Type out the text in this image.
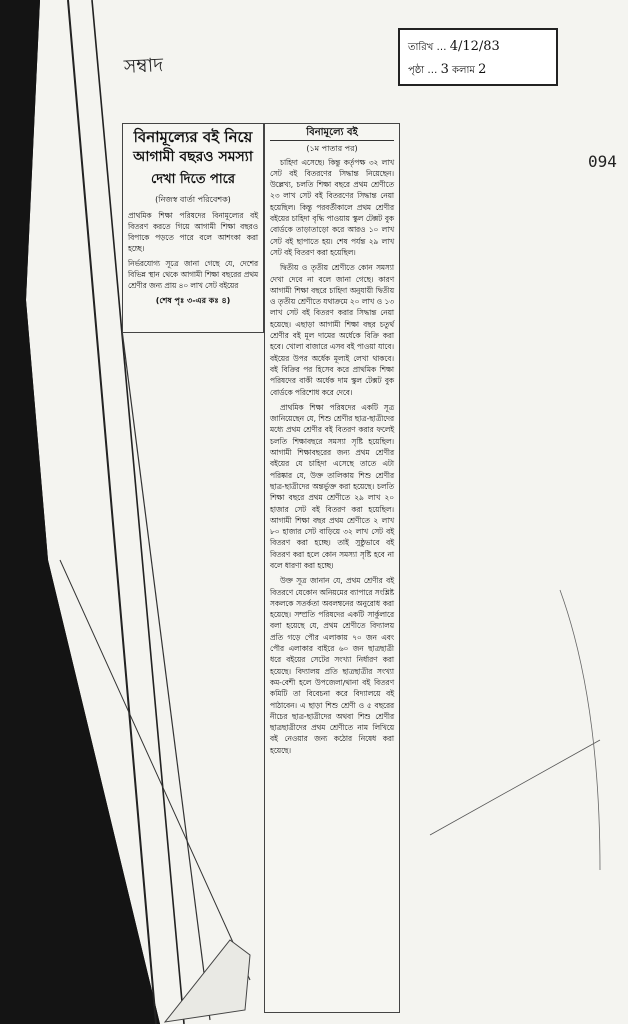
সম্বাদ
094
তারিখ … 4/12/83
পৃষ্ঠা … 3 কলাম 2
বিনামূল্যের বই নিয়ে
আগামী বছরও সমস্যা
দেখা দিতে পারে
(নিজস্ব বার্তা পরিবেশক)
প্রাথমিক শিক্ষা পরিষদের বিনামূল্যের বই বিতরণ করতে গিয়ে আগামী শিক্ষা বছরও বিপাকে পড়তে পারে বলে আশংকা করা হচ্ছে।
নির্ভরযোগ্য সূত্রে জানা গেছে যে, দেশের বিভিন্ন স্থান থেকে আগামী শিক্ষা বছরের প্রথম শ্রেণীর জন্য প্রায় ৪০ লাখ সেট বইয়ের
(শেষ পৃঃ ৩-এর কঃ ৪)
বিনামূল্যে বই
(১ম পাতার পর)
চাহিদা এসেছে। কিন্তু কর্তৃপক্ষ ৩২ লাখ সেট বই বিতরণের সিদ্ধান্ত নিয়েছেন। উল্লেখ্য, চলতি শিক্ষা বছরে প্রথম শ্রেণীতে ২৩ লাখ সেট বই বিতরণের সিদ্ধান্ত নেয়া হয়েছিল। কিন্তু পরবর্তীকালে প্রথম শ্রেণীর বইয়ের চাহিদা বৃদ্ধি পাওয়ায় স্কুল টেক্সট বুক বোর্ডকে তাড়াতাড়ো করে আরও ১০ লাখ সেট বই ছাপাতে হয়। শেষ পর্যন্ত ২৯ লাখ সেট বই বিতরণ করা হয়েছিল।
দ্বিতীয় ও তৃতীয় শ্রেণীতে কোন সমস্যা দেখা দেবে না বলে জানা গেছে। কারণ আগামী শিক্ষা বছরে চাহিদা অনুযায়ী দ্বিতীয় ও তৃতীয় শ্রেণীতে যথাক্রমে ২০ লাখ ও ১৩ লাখ সেট বই বিতরণ করার সিদ্ধান্ত নেয়া হয়েছে। এছাড়া আগামী শিক্ষা বছর চতুর্থ শ্রেণীর বই মূল দামের অর্ধেকে বিক্রি করা হবে। খোলা বাজারে এসব বই পাওয়া যাবে। বইয়ের উপর অর্ধেক মূল্যই লেখা থাকবে। বই বিক্রির পর হিসেব করে প্রাথমিক শিক্ষা পরিষদের বাকী অর্ধেক দাম স্কুল টেক্সট বুক বোর্ডকে পরিশোধ করে দেবে।
প্রাথমিক শিক্ষা পরিষদের একটি সূত্র জানিয়েছেন যে, শিশু শ্রেণীর ছাত্র-ছাত্রীদের মধ্যে প্রথম শ্রেণীর বই বিতরণ করার ফলেই চলতি শিক্ষাবছরে সমস্যা সৃষ্টি হয়েছিল। আগামী শিক্ষাবছরের জন্য প্রথম শ্রেণীর বইয়ের যে চাহিদা এসেছে তাতে এটা পরিষ্কার যে, উক্ত তালিকায় শিশু শ্রেণীর ছাত্র-ছাত্রীদের অন্তর্ভুক্ত করা হয়েছে। চলতি শিক্ষা বছরে প্রথম শ্রেণীতে ২৯ লাখ ২০ হাজার সেট বই বিতরণ করা হয়েছিল। আগামী শিক্ষা বছর প্রথম শ্রেণীতে ২ লাখ ৮০ হাজার সেট বাড়িয়ে ৩২ লাখ সেট বই বিতরণ করা হচ্ছে। তাই সুষ্ঠুভাবে বই বিতরণ করা হলে কোন সমস্যা সৃষ্টি হবে না বলে ধারণা করা হচ্ছে।
উক্ত সূত্র জানান যে, প্রথম শ্রেণীর বই বিতরণে যেকোন অনিয়মের ব্যাপারে সংশ্লিষ্ট সকলকে সতর্কতা অবলম্বনের অনুরোধ করা হয়েছে। সম্প্রতি পরিষদের একটি সার্কুলারে বলা হয়েছে যে, প্রথম শ্রেণীতে বিদ্যালয় প্রতি গড়ে পৌর এলাকায় ৭০ জন এবং পৌর এলাকার বাইরে ৬০ জন ছাত্রছাত্রী ধরে বইয়ের সেটের সংখ্যা নির্ধারণ করা হয়েছে। বিদ্যালয় প্রতি ছাত্রছাত্রীর সংখ্যা কম-বেশী হলে উপজেলা/থানা বই বিতরণ কমিটি তা বিবেচনা করে বিদ্যালয়ে বই পাঠাবেন। এ ছাড়া শিশু শ্রেণী ও ৫ বছরের নীচের ছাত্র-ছাত্রীদের অথবা শিশু শ্রেণীর ছাত্রছাত্রীদের প্রথম শ্রেণীতে নাম লিখিয়ে বই নেওয়ার জন্য কঠোর নিষেধ করা হয়েছে।
